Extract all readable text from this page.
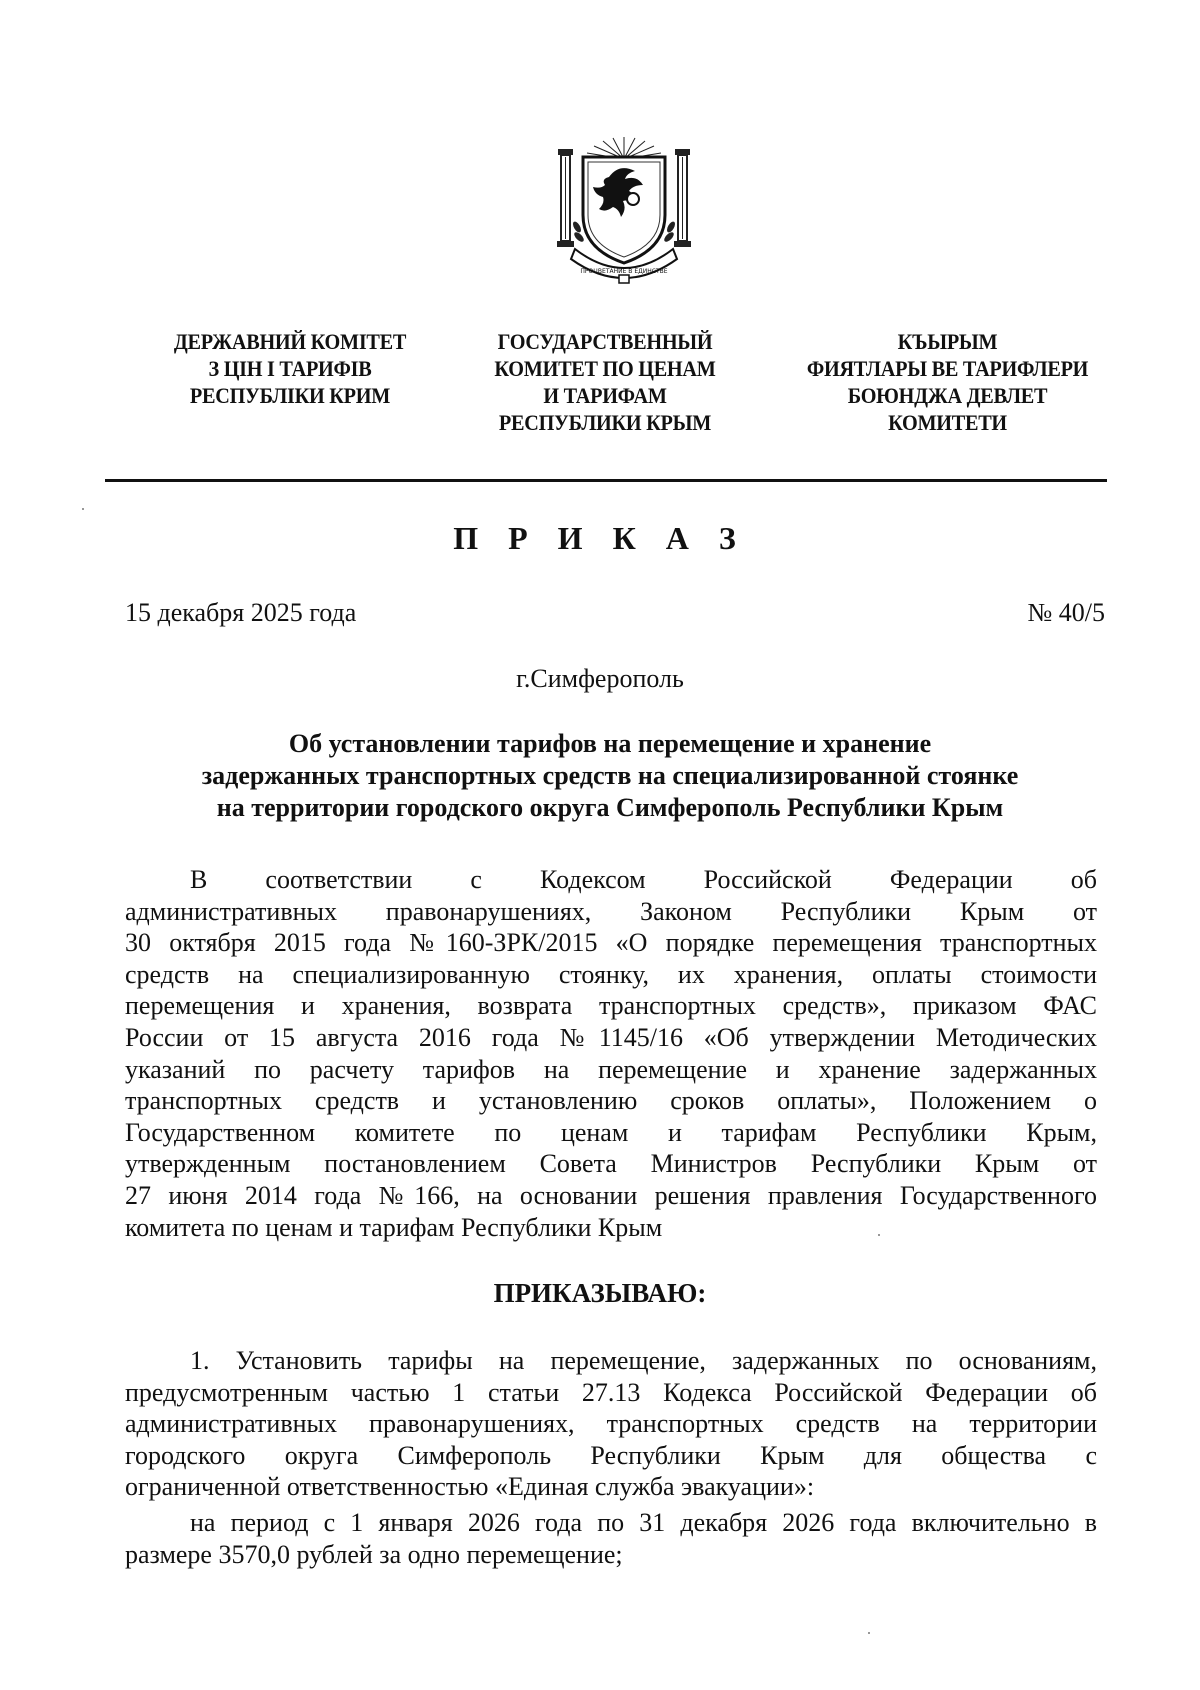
ПРОЦВЕТАНИЕ В ЕДИНСТВЕ
ДЕРЖАВНИЙ КОМІТЕТ
З ЦІН І ТАРИФІВ
РЕСПУБЛІКИ КРИМ
ГОСУДАРСТВЕННЫЙ
КОМИТЕТ ПО ЦЕНАМ
И ТАРИФАМ
РЕСПУБЛИКИ КРЫМ
КЪЫРЫМ
ФИЯТЛАРЫ ВЕ ТАРИФЛЕРИ
БОЮНДЖА ДЕВЛЕТ
КОМИТЕТИ
П Р И К А З
15 декабря 2025 года	№ 40/5
г.Симферополь
Об установлении тарифов на перемещение и хранение
задержанных транспортных средств на специализированной стоянке
на территории городского округа Симферополь Республики Крым
В соответствии с Кодексом Российской Федерации об
административных правонарушениях, Законом Республики Крым от
30 октября 2015 года №160-ЗРК/2015 «О порядке перемещения транспортных
средств на специализированную стоянку, их хранения, оплаты стоимости
перемещения и хранения, возврата транспортных средств», приказом ФАС
России от 15 августа 2016 года №1145/16 «Об утверждении Методических
указаний по расчету тарифов на перемещение и хранение задержанных
транспортных средств и установлению сроков оплаты», Положением о
Государственном комитете по ценам и тарифам Республики Крым,
утвержденным постановлением Совета Министров Республики Крым от
27 июня 2014 года №166, на основании решения правления Государственного
комитета по ценам и тарифам Республики Крым
ПРИКАЗЫВАЮ:
1. Установить тарифы на перемещение, задержанных по основаниям,
предусмотренным частью 1 статьи 27.13 Кодекса Российской Федерации об
административных правонарушениях, транспортных средств на территории
городского округа Симферополь Республики Крым для общества с
ограниченной ответственностью «Единая служба эвакуации»:
на период с 1 января 2026 года по 31 декабря 2026 года включительно в
размере 3570,0 рублей за одно перемещение;
